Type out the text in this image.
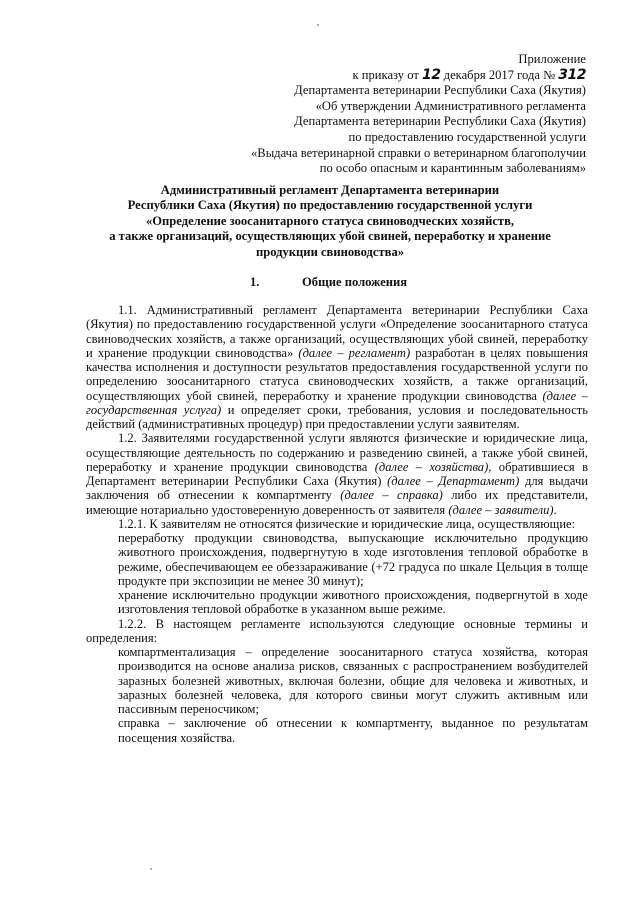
Приложение
к приказу от 12 декабря 2017 года № 312
Департамента ветеринарии Республики Саха (Якутия)
«Об утверждении Административного регламента
Департамента ветеринарии Республики Саха (Якутия)
по предоставлению государственной услуги
«Выдача ветеринарной справки о ветеринарном благополучии
по особо опасным и карантинным заболеваниям»
Административный регламент Департамента ветеринарии
Республики Саха (Якутия) по предоставлению государственной услуги
«Определение зоосанитарного статуса свиноводческих хозяйств,
а также организаций, осуществляющих убой свиней, переработку и хранение
продукции свиноводства»
1.	Общие положения

1.1. Административный регламент Департамента ветеринарии Республики Саха (Якутия) по предоставлению государственной услуги «Определение зоосанитарного статуса свиноводческих хозяйств, а также организаций, осуществляющих убой свиней, переработку и хранение продукции свиноводства» (далее – регламент) разработан в целях повышения качества исполнения и доступности результатов предоставления государственной услуги по определению зоосанитарного статуса свиноводческих хозяйств, а также организаций, осуществляющих убой свиней, переработку и хранение продукции свиноводства (далее – государственная услуга) и определяет сроки, требования, условия и последовательность действий (административных процедур) при предоставлении услуги заявителям.

1.2. Заявителями государственной услуги являются физические и юридические лица, осуществляющие деятельность по содержанию и разведению свиней, а также убой свиней, переработку и хранение продукции свиноводства (далее – хозяйства), обратившиеся в Департамент ветеринарии Республики Саха (Якутия) (далее – Департамент) для выдачи заключения об отнесении к компартменту (далее – справка) либо их представители, имеющие нотариально удостоверенную доверенность от заявителя (далее – заявители).

1.2.1. К заявителям не относятся физические и юридические лица, осуществляющие:

переработку продукции свиноводства, выпускающие исключительно продукцию животного происхождения, подвергнутую в ходе изготовления тепловой обработке в режиме, обеспечивающем ее обеззараживание (+72 градуса по шкале Цельция в толще продукте при экспозиции не менее 30 минут);

хранение исключительно продукции животного происхождения, подвергнутой в ходе изготовления тепловой обработке в указанном выше режиме.

1.2.2. В настоящем регламенте используются следующие основные термины и определения:

компартментализация – определение зоосанитарного статуса хозяйства, которая производится на основе анализа рисков, связанных с распространением возбудителей заразных болезней животных, включая болезни, общие для человека и животных, и заразных болезней человека, для которого свиньи могут служить активным или пассивным переносчиком;

справка – заключение об отнесении к компартменту, выданное по результатам посещения хозяйства.
